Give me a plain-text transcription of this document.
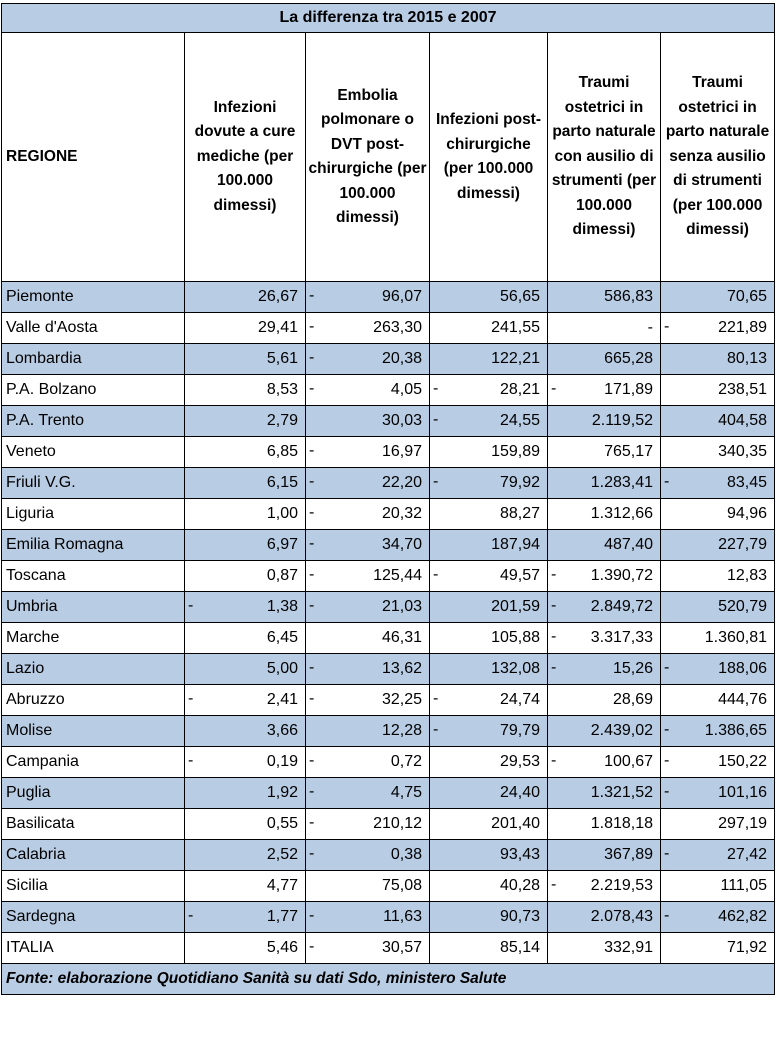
La differenza tra 2015 e 2007					
REGIONE	Infezioni dovute a cure mediche (per 100.000 dimessi)	Embolia polmonare o DVT post-chirurgiche (per 100.000 dimessi)	Infezioni post-chirurgiche (per 100.000 dimessi)	Traumi ostetrici in parto naturale con ausilio di strumenti (per 100.000 dimessi)	Traumi ostetrici in parto naturale senza ausilio di strumenti (per 100.000 dimessi)
Piemonte	26,67	- 96,07	56,65	586,83	70,65
Valle d'Aosta	29,41	- 263,30	241,55	-	- 221,89
Lombardia	5,61	- 20,38	122,21	665,28	80,13
P.A. Bolzano	8,53	- 4,05	- 28,21	- 171,89	238,51
P.A. Trento	2,79	30,03	- 24,55	2.119,52	404,58
Veneto	6,85	- 16,97	159,89	765,17	340,35
Friuli V.G.	6,15	- 22,20	- 79,92	1.283,41	- 83,45
Liguria	1,00	- 20,32	88,27	1.312,66	94,96
Emilia Romagna	6,97	- 34,70	187,94	487,40	227,79
Toscana	0,87	- 125,44	- 49,57	- 1.390,72	12,83
Umbria	- 1,38	- 21,03	201,59	- 2.849,72	520,79
Marche	6,45	46,31	105,88	- 3.317,33	1.360,81
Lazio	5,00	- 13,62	132,08	- 15,26	- 188,06
Abruzzo	- 2,41	- 32,25	- 24,74	28,69	444,76
Molise	3,66	12,28	- 79,79	2.439,02	- 1.386,65
Campania	- 0,19	- 0,72	29,53	- 100,67	- 150,22
Puglia	1,92	- 4,75	24,40	1.321,52	- 101,16
Basilicata	0,55	- 210,12	201,40	1.818,18	297,19
Calabria	2,52	- 0,38	93,43	367,89	- 27,42
Sicilia	4,77	75,08	40,28	- 2.219,53	111,05
Sardegna	- 1,77	- 11,63	90,73	2.078,43	- 462,82
ITALIA	5,46	- 30,57	85,14	332,91	71,92
Fonte: elaborazione Quotidiano Sanità su dati Sdo, ministero Salute					
